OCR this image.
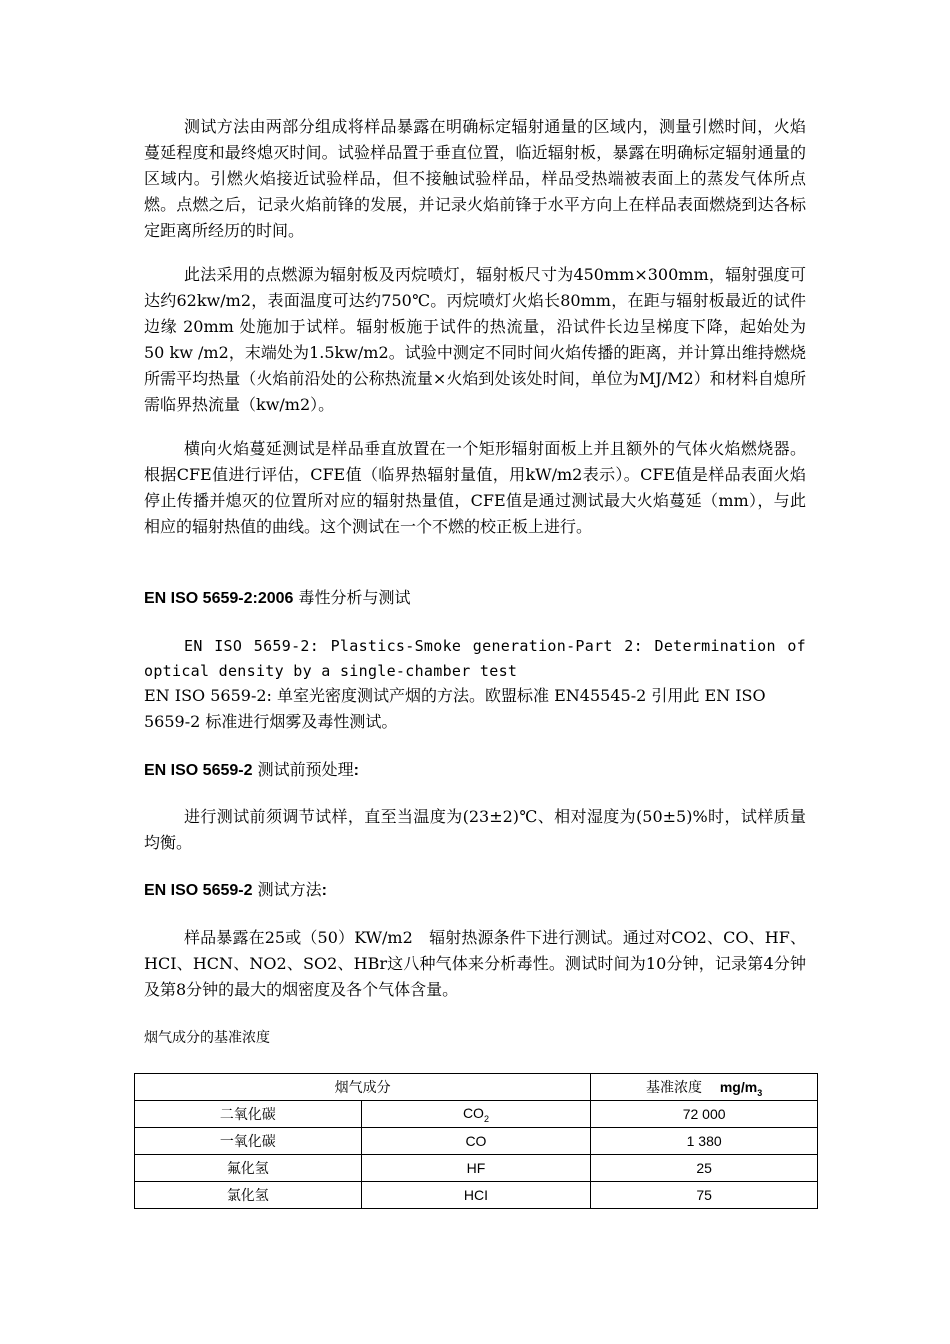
测试方法由两部分组成将样品暴露在明确标定辐射通量的区域内，测量引燃时间，火焰蔓延程度和最终熄灭时间。试验样品置于垂直位置，临近辐射板，暴露在明确标定辐射通量的区域内。引燃火焰接近试验样品，但不接触试验样品，样品受热端被表面上的蒸发气体所点燃。点燃之后，记录火焰前锋的发展，并记录火焰前锋于水平方向上在样品表面燃烧到达各标定距离所经历的时间。

此法采用的点燃源为辐射板及丙烷喷灯，辐射板尺寸为450mm×300mm，辐射强度可达约62kw/m2，表面温度可达约750℃。丙烷喷灯火焰长80mm，在距与辐射板最近的试件边缘 20mm 处施加于试样。辐射板施于试件的热流量，沿试件长边呈梯度下降，起始处为 50 kw /m2，末端处为1.5kw/m2。试验中测定不同时间火焰传播的距离，并计算出维持燃烧所需平均热量（火焰前沿处的公称热流量×火焰到处该处时间，单位为MJ/M2）和材料自熄所需临界热流量（kw/m2）。

横向火焰蔓延测试是样品垂直放置在一个矩形辐射面板上并且额外的气体火焰燃烧器。根据CFE值进行评估，CFE值（临界热辐射量值，用kW/m2表示）。CFE值是样品表面火焰停止传播并熄灭的位置所对应的辐射热量值，CFE值是通过测试最大火焰蔓延（mm），与此相应的辐射热值的曲线。这个测试在一个不燃的校正板上进行。

EN ISO 5659-2:2006 毒性分析与测试

EN ISO 5659-2: Plastics-Smoke generation-Part 2: Determination of optical density by a single-chamber test

EN ISO 5659-2: 单室光密度测试产烟的方法。欧盟标准 EN45545-2 引用此 EN ISO 5659-2 标准进行烟雾及毒性测试。

EN ISO 5659-2 测试前预处理:

进行测试前须调节试样，直至当温度为(23±2)℃、相对湿度为(50±5)%时，试样质量均衡。

EN ISO 5659-2 测试方法:

样品暴露在25或（50）KW/m2　辐射热源条件下进行测试。通过对CO2、CO、HF、HCI、HCN、NO2、SO2、HBr这八种气体来分析毒性。测试时间为10分钟，记录第4分钟及第8分钟的最大的烟密度及各个气体含量。

烟气成分的基准浓度

烟气成分		基准浓度 $mg/m_3$
二氧化碳	$CO_2$	72 000
一氧化碳	CO	1 380
氟化氢	HF	25
氯化氢	HCI	75
